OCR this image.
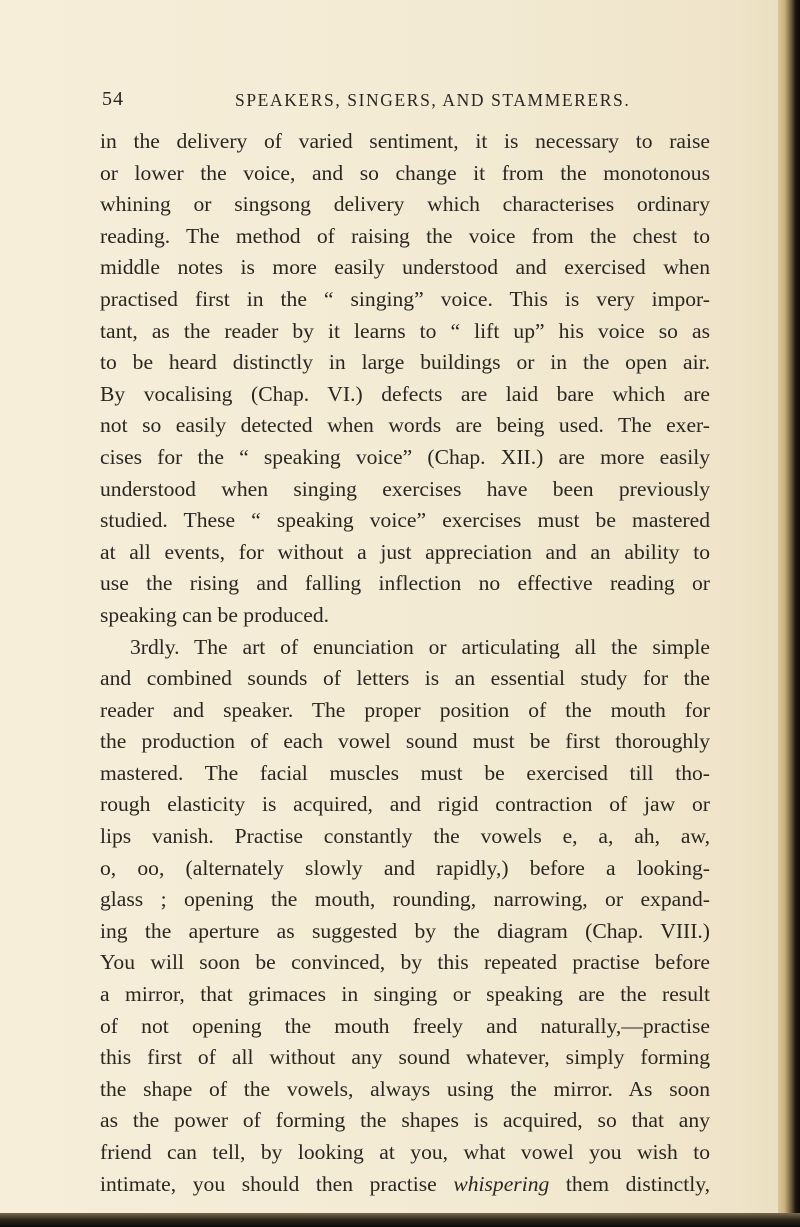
54	SPEAKERS, SINGERS, AND STAMMERERS.
in the delivery of varied sentiment, it is necessary to raise
or lower the voice, and so change it from the monotonous
whining or singsong delivery which characterises ordinary
reading. The method of raising the voice from the chest to
middle notes is more easily understood and exercised when
practised first in the “ singing” voice. This is very impor-
tant, as the reader by it learns to “ lift up” his voice so as
to be heard distinctly in large buildings or in the open air.
By vocalising (Chap. VI.) defects are laid bare which are
not so easily detected when words are being used. The exer-
cises for the “ speaking voice” (Chap. XII.) are more easily
understood when singing exercises have been previously
studied. These “ speaking voice” exercises must be mastered
at all events, for without a just appreciation and an ability to
use the rising and falling inflection no effective reading or
speaking can be produced.
3rdly. The art of enunciation or articulating all the simple
and combined sounds of letters is an essential study for the
reader and speaker. The proper position of the mouth for
the production of each vowel sound must be first thoroughly
mastered. The facial muscles must be exercised till tho-
rough elasticity is acquired, and rigid contraction of jaw or
lips vanish. Practise constantly the vowels e, a, ah, aw,
o, oo, (alternately slowly and rapidly,) before a looking-
glass ; opening the mouth, rounding, narrowing, or expand-
ing the aperture as suggested by the diagram (Chap. VIII.)
You will soon be convinced, by this repeated practise before
a mirror, that grimaces in singing or speaking are the result
of not opening the mouth freely and naturally,—practise
this first of all without any sound whatever, simply forming
the shape of the vowels, always using the mirror. As soon
as the power of forming the shapes is acquired, so that any
friend can tell, by looking at you, what vowel you wish to
intimate, you should then practise whispering them distinctly,
